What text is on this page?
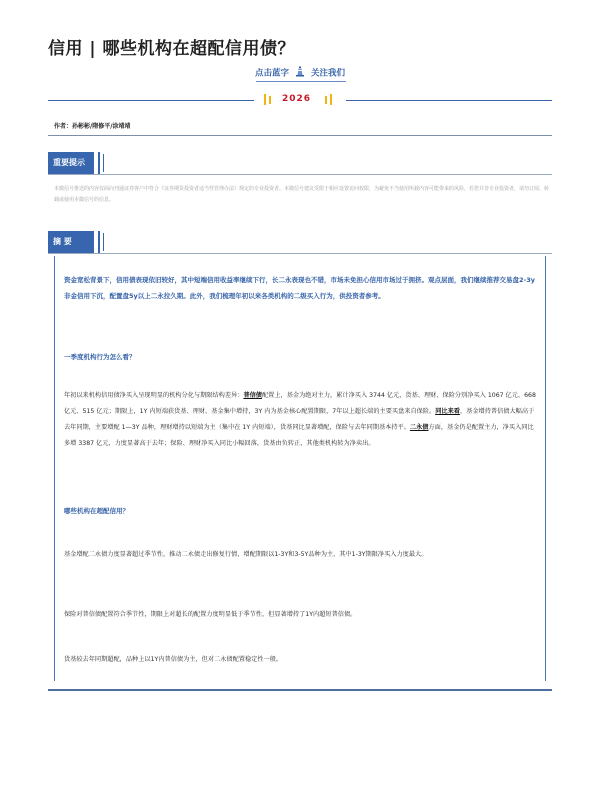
信用 | 哪些机构在超配信用债？
点击蓝字	关注我们
2026
作者：孙彬彬/隋修平/涂靖靖
重要提示
本微信号推送的内容仅面向刊通证券客户中符合《证券期货投资者适当性管理办法》规定的专业投资者。本微信号建议受限于相应设置访问权限，为避免不当使用所载内容可能带来的风险，若您并非专业投资者，请勿订阅、转载或使用本微信号的信息。
摘 要
资金宽松背景下，信用债表现依旧较好，其中短端信用收益率继续下行，长二永表现也不错，市场未免担心信用市场过于拥挤。观点层面，我们继续推荐交易盘2-3y非金信用下沉，配置盘5y以上二永拉久期。此外，我们梳理年初以来各类机构的二级买入行为，供投资者参考。
一季度机构行为怎么看？
年初以来机构信用债净买入呈现明显的机构分化与期限结构差异：普信债配置上，基金为绝对主力，累计净买入 3744 亿元，货基、理财、保险分别净买入 1067 亿元、668 亿元、515 亿元；期限上，1Y 内短端获货基、理财、基金集中增持，3Y 内为基金核心配置期限，7年以上超长端的主要买盘来自保险。同比来看，基金增持普信债大幅高于去年同期，主要增配 1—3Y 品种，理财增持以短端为主（集中在 1Y 内短端），货基同比显著增配，保险与去年同期基本持平。二永债方面，基金仍是配置主力，净买入同比多增 3387 亿元，力度显著高于去年；保险、理财净买入同比小幅回落，货基由负转正，其他类机构转为净卖出。
哪些机构在超配信用？
基金增配二永债力度显著超过季节性，推动二永债走出修复行情，增配期限以1-3Y和3-5Y品种为主，其中1-3Y期限净买入力度最大。
保险对普信债配置符合季节性，期限上对超长的配置力度明显低于季节性，但显著增持了1Y内超短普信债。
货基较去年同期超配，品种上以1Y内普信债为主，但对二永债配置稳定性一般。
